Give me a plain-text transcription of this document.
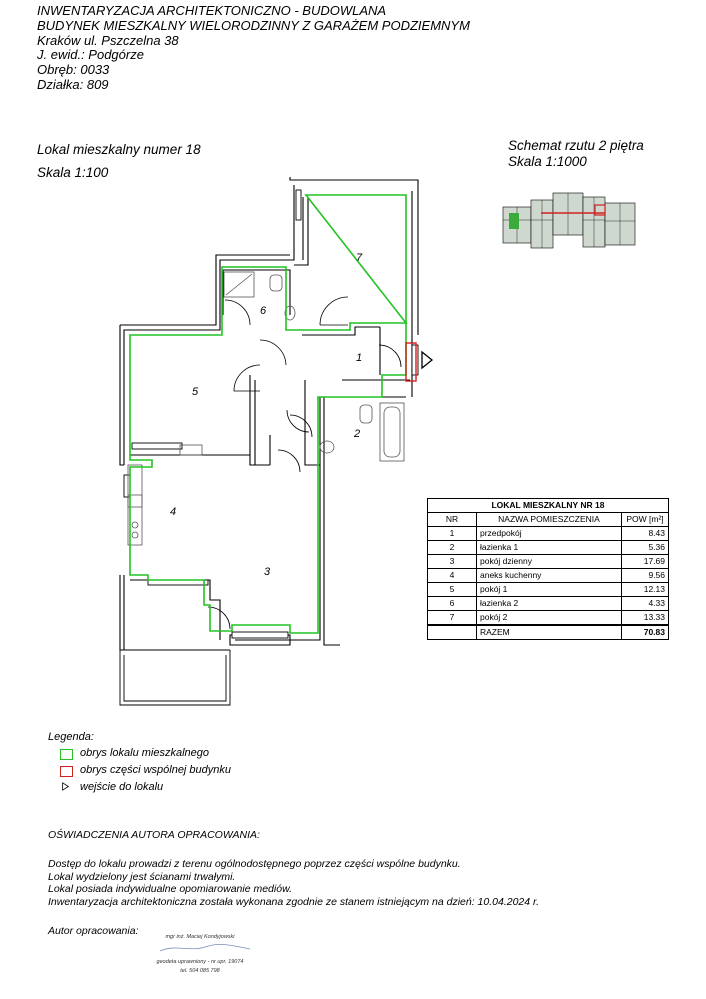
INWENTARYZACJA ARCHITEKTONICZNO - BUDOWLANA
BUDYNEK MIESZKALNY WIELORODZINNY Z GARAŻEM PODZIEMNYM
Kraków ul. Pszczelna 38
J. ewid.: Podgórze
Obręb: 0033
Działka: 809
Lokal mieszkalny numer 18
Skala 1:100
Schemat rzutu 2 piętra
Skala 1:1000
1
2
3
4
5
6
7
LOKAL MIESZKALNY NR 18		
NR	NAZWA POMIESZCZENIA	POW [m²]
1	przedpokój	8.43
2	łazienka 1	5.36
3	pokój dzienny	17.69
4	aneks kuchenny	9.56
5	pokój 1	12.13
6	łazienka 2	4.33
7	pokój 2	13.33
	RAZEM	70.83
Legenda:
obrys lokalu mieszkalnego
obrys części wspólnej budynku
wejście do lokalu
OŚWIADCZENIA AUTORA OPRACOWANIA:
Dostęp do lokalu prowadzi z terenu ogólnodostępnego poprzez części wspólne budynku.
Lokal wydzielony jest ścianami trwałymi.
Lokal posiada indywidualne opomiarowanie mediów.
Inwentaryzacja architektoniczna została wykonana zgodnie ze stanem istniejącym na dzień: 10.04.2024 r.
Autor opracowania:	mgr inż. Maciej Kondyjowski
geodeta uprawniony - nr upr. 19074
tel. 504 085 798
